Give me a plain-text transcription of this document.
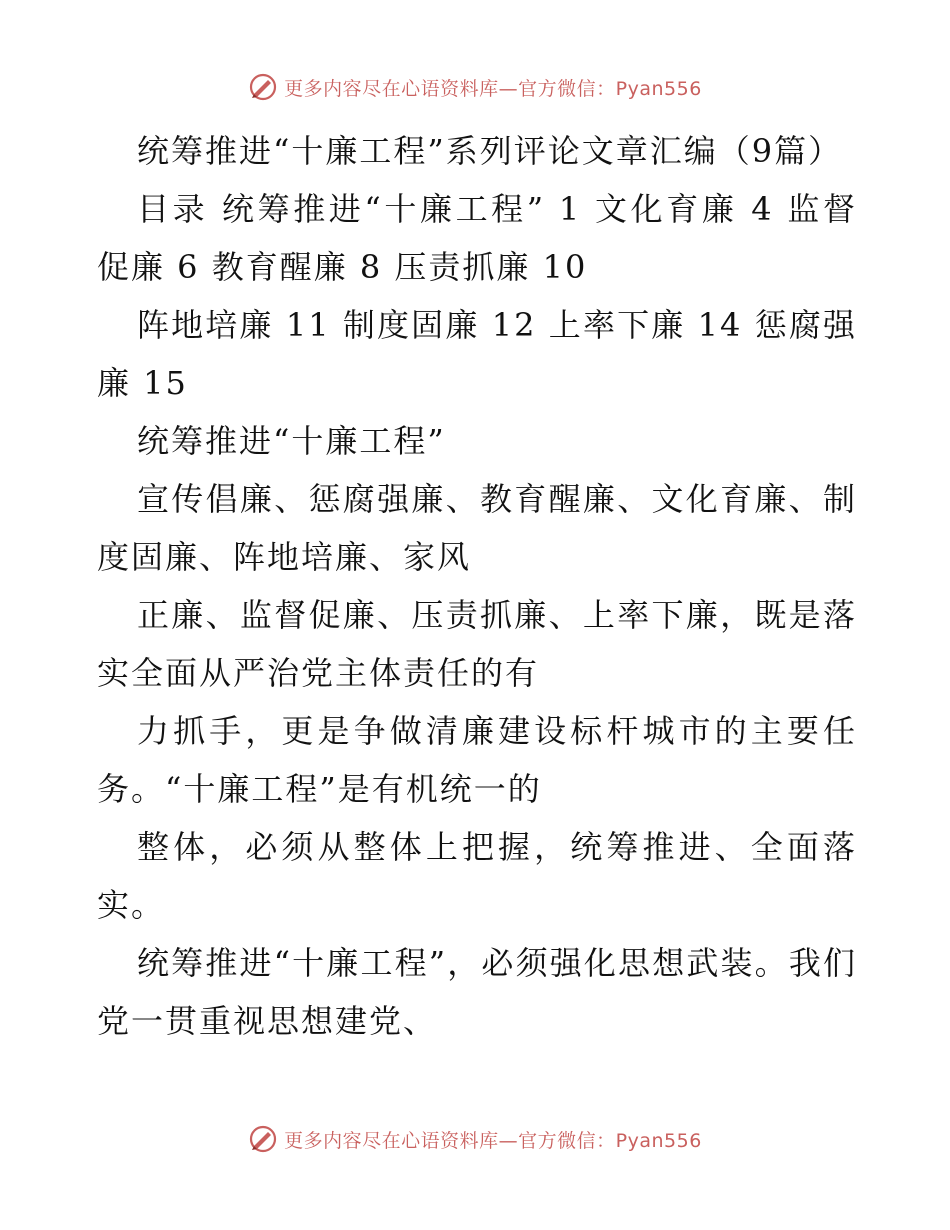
更多内容尽在心语资料库—官方微信：Pyan556

统筹推进“十廉工程”系列评论文章汇编（9篇）

目录 统筹推进“十廉工程” 1 文化育廉 4 监督促廉 6 教育醒廉 8 压责抓廉 10

阵地培廉 11 制度固廉 12 上率下廉 14 惩腐强廉 15

统筹推进“十廉工程”

宣传倡廉、惩腐强廉、教育醒廉、文化育廉、制度固廉、阵地培廉、家风

正廉、监督促廉、压责抓廉、上率下廉，既是落实全面从严治党主体责任的有

力抓手，更是争做清廉建设标杆城市的主要任务。“十廉工程”是有机统一的

整体，必须从整体上把握，统筹推进、全面落实。

统筹推进“十廉工程”，必须强化思想武装。我们党一贯重视思想建党、

更多内容尽在心语资料库—官方微信：Pyan556
